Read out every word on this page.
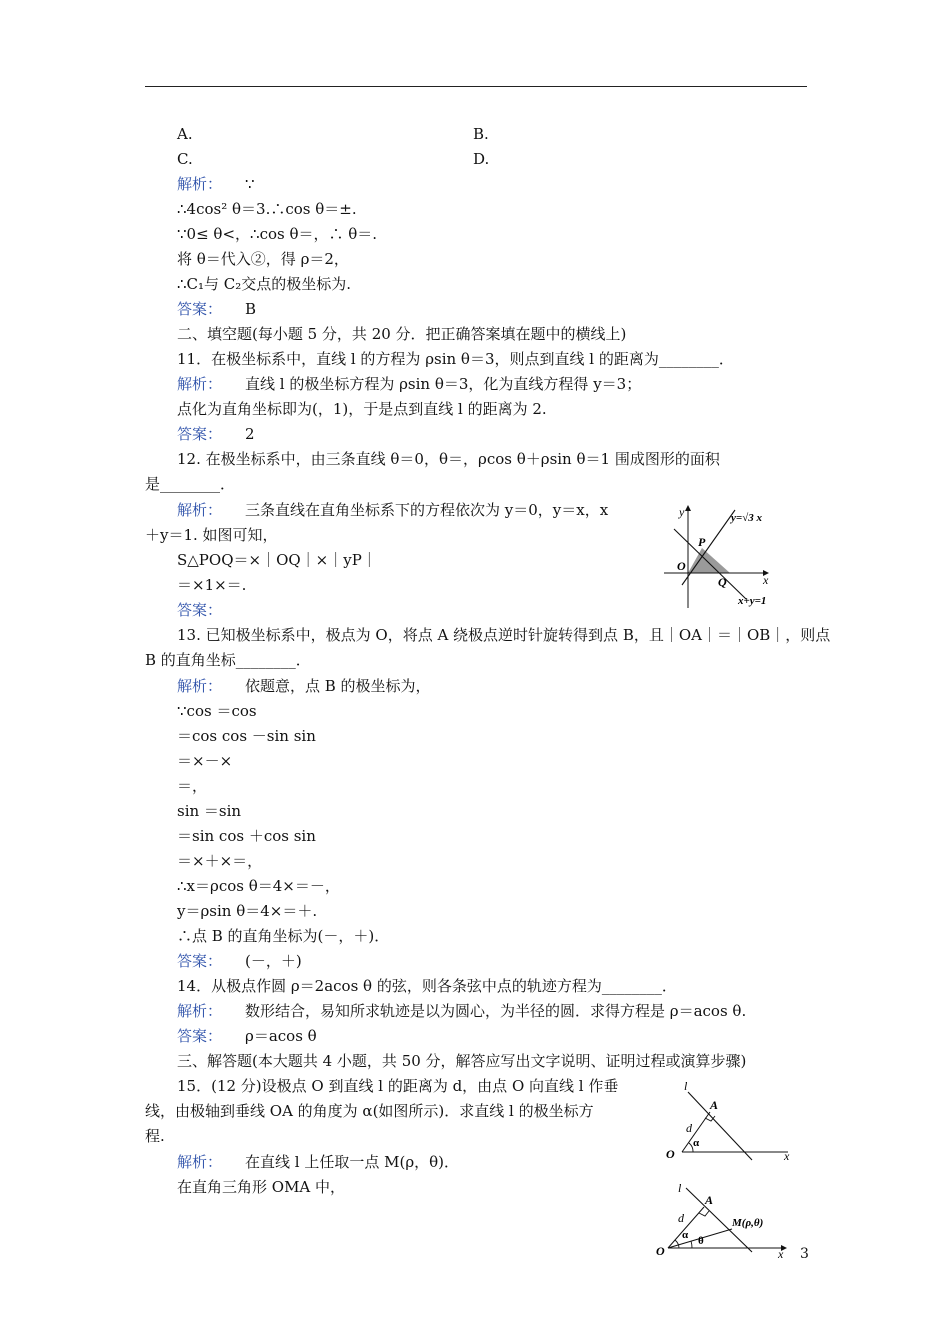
A.	B.
C.	D.
∵
∴4cos² θ＝3.∴cos θ＝±.
∵0≤ θ<，∴cos θ＝，∴ θ＝.
将 θ＝代入②，得 ρ＝2，
∴C₁与 C₂交点的极坐标为.
B
二、填空题(每小题 5 分，共 20 分．把正确答案填在题中的横线上)
11．在极坐标系中，直线 l 的方程为 ρsin θ＝3，则点到直线 l 的距离为________．
直线 l 的极坐标方程为 ρsin θ＝3，化为直线方程得 y＝3；
点化为直角坐标即为(，1)，于是点到直线 l 的距离为 2.
2
12. 在极坐标系中，由三条直线 θ＝0，θ＝，ρcos θ＋ρsin θ＝1 围成图形的面积
是________．
三条直线在直角坐标系下的方程依次为 y＝0，y＝x，x
＋y＝1. 如图可知，
S△POQ＝×｜OQ｜×｜yP｜
＝×1×＝.
13. 已知极坐标系中，极点为 O，将点 A 绕极点逆时针旋转得到点 B，且｜OA｜＝｜OB｜，则点
B 的直角坐标________．
依题意，点 B 的极坐标为，
∵cos ＝cos
＝cos cos －sin sin
＝×－×
＝，
sin ＝sin
＝sin cos ＋cos sin
＝×＋×＝，
∴x＝ρcos θ＝4×＝－，
y＝ρsin θ＝4×＝＋.
∴点 B 的直角坐标为(－，＋)．
(－，＋)
14．从极点作圆 ρ＝2acos θ 的弦，则各条弦中点的轨迹方程为________．
数形结合，易知所求轨迹是以为圆心，为半径的圆．求得方程是 ρ＝acos θ.
ρ＝acos θ
三、解答题(本大题共 4 小题，共 50 分，解答应写出文字说明、证明过程或演算步骤)
15．(12 分)设极点 O 到直线 l 的距离为 d，由点 O 向直线 l 作垂
线，由极轴到垂线 OA 的角度为 α(如图所示)．求直线 l 的极坐标方
程.
在直线 l 上任取一点 M(ρ，θ)．
在直角三角形 OMA 中，
解析：
答案：
解析：
答案：
解析：
答案：
解析：
答案：
解析：
答案：
解析：
y
x
y=√3 x
x+y=1
P
O
Q
l
A
d
α
O	x
l
A
d
α θ
M(ρ,θ)
O	x 3
